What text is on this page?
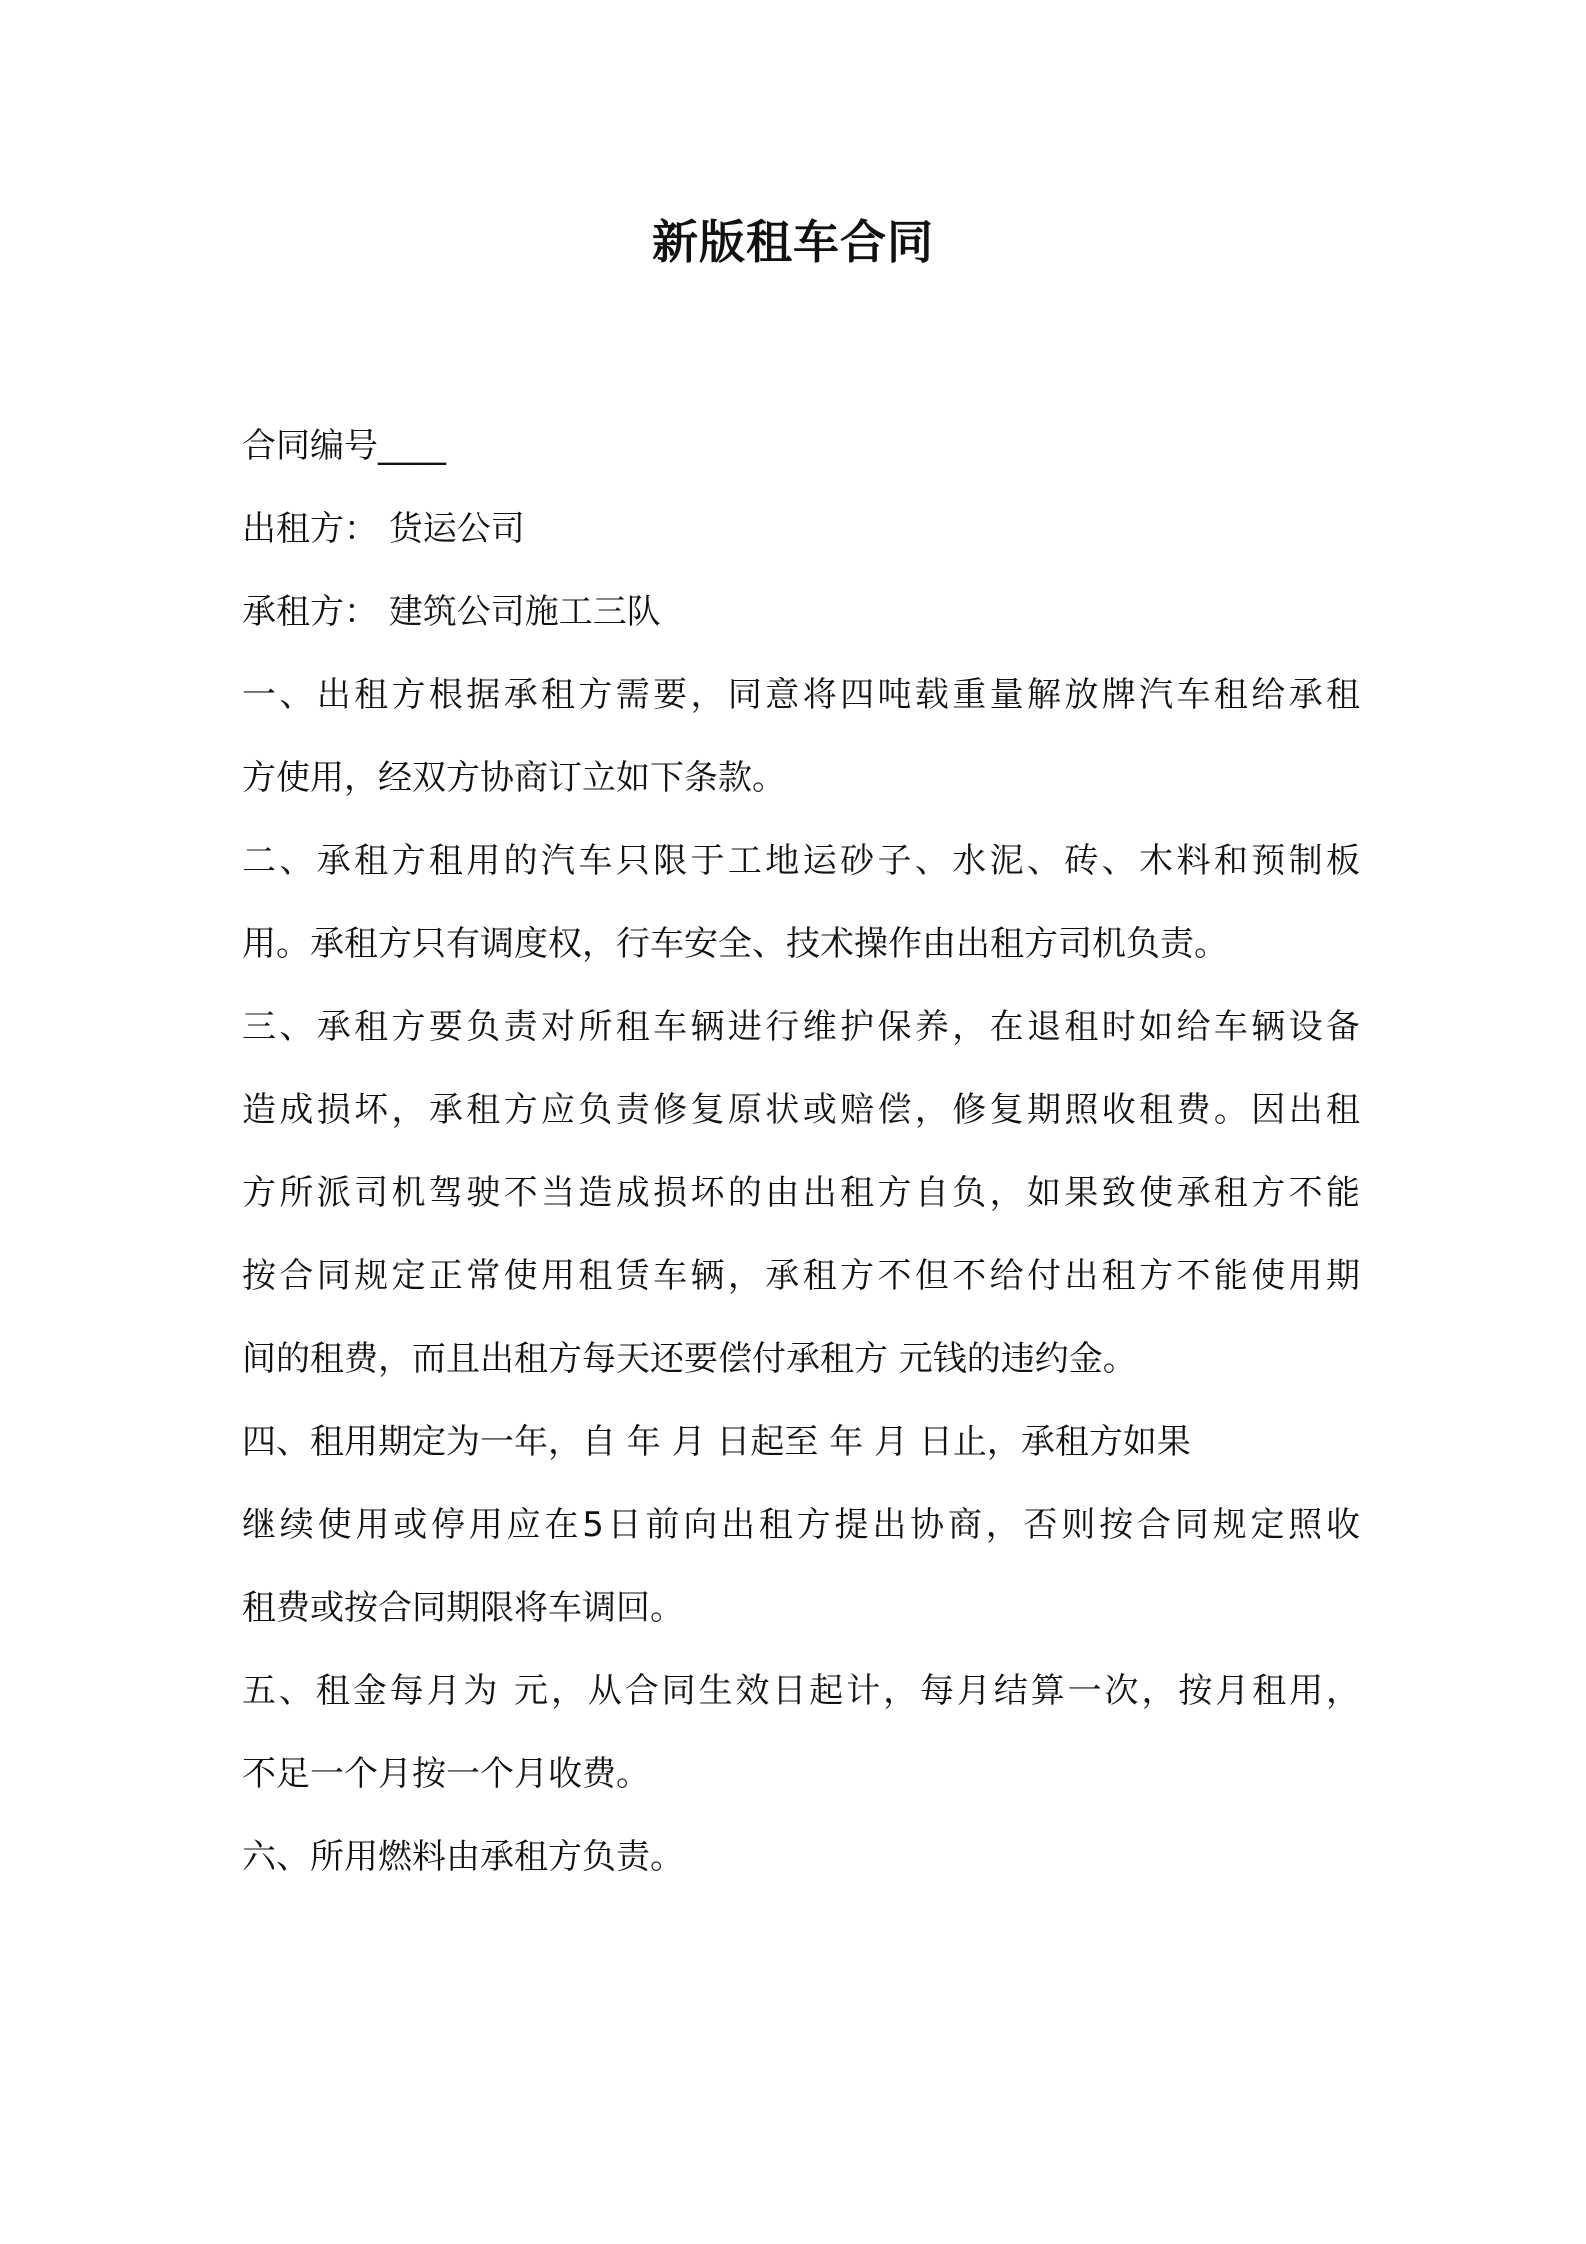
新版租车合同
合同编号____
出租方： 货运公司
承租方： 建筑公司施工三队
一、出租方根据承租方需要，同意将四吨载重量解放牌汽车租给承租
方使用，经双方协商订立如下条款。
二、承租方租用的汽车只限于工地运砂子、水泥、砖、木料和预制板
用。承租方只有调度权，行车安全、技术操作由出租方司机负责。
三、承租方要负责对所租车辆进行维护保养，在退租时如给车辆设备
造成损坏，承租方应负责修复原状或赔偿，修复期照收租费。因出租
方所派司机驾驶不当造成损坏的由出租方自负，如果致使承租方不能
按合同规定正常使用租赁车辆，承租方不但不给付出租方不能使用期
间的租费，而且出租方每天还要偿付承租方 元钱的违约金。
四、租用期定为一年，自 年 月 日起至 年 月 日止，承租方如果
继续使用或停用应在5日前向出租方提出协商，否则按合同规定照收
租费或按合同期限将车调回。
五、租金每月为 元，从合同生效日起计，每月结算一次，按月租用，
不足一个月按一个月收费。
六、所用燃料由承租方负责。
